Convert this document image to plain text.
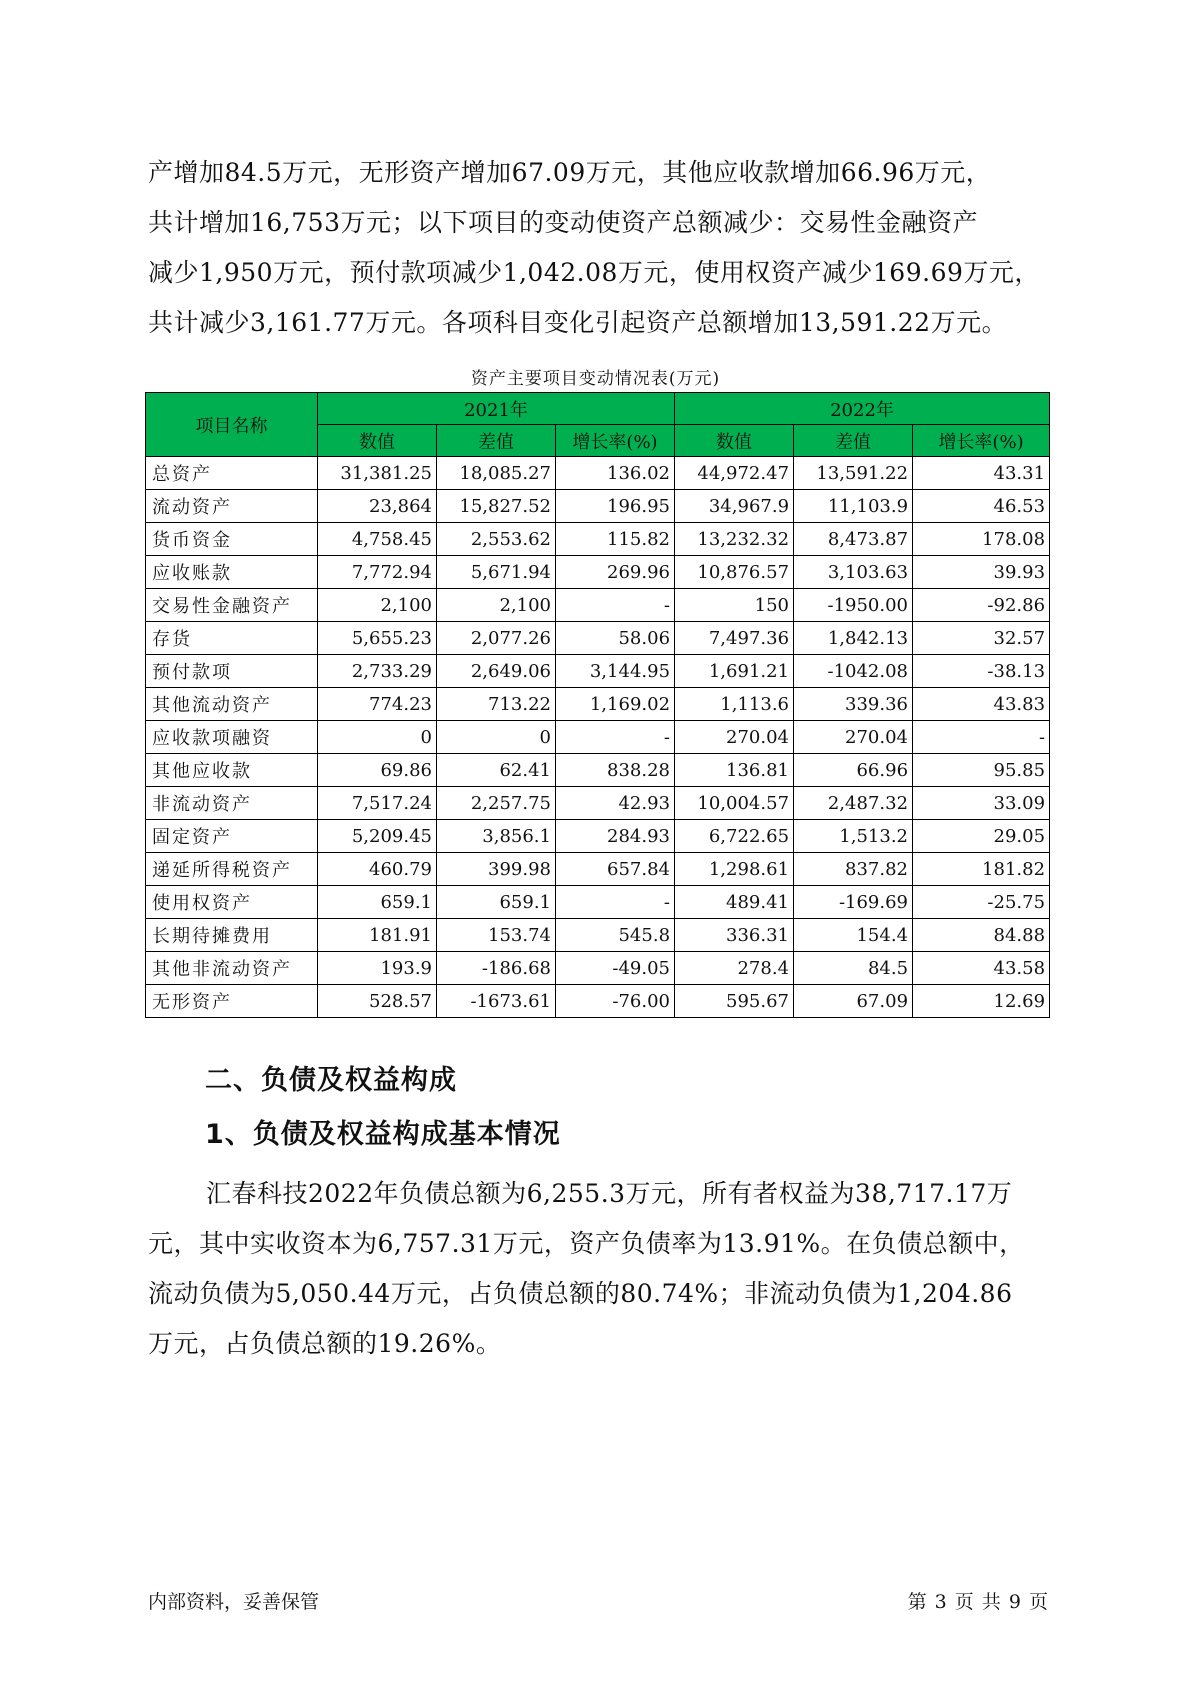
产增加84.5万元，无形资产增加67.09万元，其他应收款增加66.96万元，

共计增加16,753万元；以下项目的变动使资产总额减少：交易性金融资产

减少1,950万元，预付款项减少1,042.08万元，使用权资产减少169.69万元，

共计减少3,161.77万元。各项科目变化引起资产总额增加13,591.22万元。

资产主要项目变动情况表(万元)
项目名称	2021年			2022年		
	数值	差值	增长率(%)	数值	差值	增长率(%)
总资产	31,381.25	18,085.27	136.02	44,972.47	13,591.22	43.31
流动资产	23,864	15,827.52	196.95	34,967.9	11,103.9	46.53
货币资金	4,758.45	2,553.62	115.82	13,232.32	8,473.87	178.08
应收账款	7,772.94	5,671.94	269.96	10,876.57	3,103.63	39.93
交易性金融资产	2,100	2,100	-	150	-1950.00	-92.86
存货	5,655.23	2,077.26	58.06	7,497.36	1,842.13	32.57
预付款项	2,733.29	2,649.06	3,144.95	1,691.21	-1042.08	-38.13
其他流动资产	774.23	713.22	1,169.02	1,113.6	339.36	43.83
应收款项融资	0	0	-	270.04	270.04	-
其他应收款	69.86	62.41	838.28	136.81	66.96	95.85
非流动资产	7,517.24	2,257.75	42.93	10,004.57	2,487.32	33.09
固定资产	5,209.45	3,856.1	284.93	6,722.65	1,513.2	29.05
递延所得税资产	460.79	399.98	657.84	1,298.61	837.82	181.82
使用权资产	659.1	659.1	-	489.41	-169.69	-25.75
长期待摊费用	181.91	153.74	545.8	336.31	154.4	84.88
其他非流动资产	193.9	-186.68	-49.05	278.4	84.5	43.58
无形资产	528.57	-1673.61	-76.00	595.67	67.09	12.69
二、负债及权益构成
1、负债及权益构成基本情况

汇春科技2022年负债总额为6,255.3万元，所有者权益为38,717.17万

元，其中实收资本为6,757.31万元，资产负债率为13.91%。在负债总额中，

流动负债为5,050.44万元，占负债总额的80.74%；非流动负债为1,204.86

万元，占负债总额的19.26%。

内部资料，妥善保管	第 3 页 共 9 页
